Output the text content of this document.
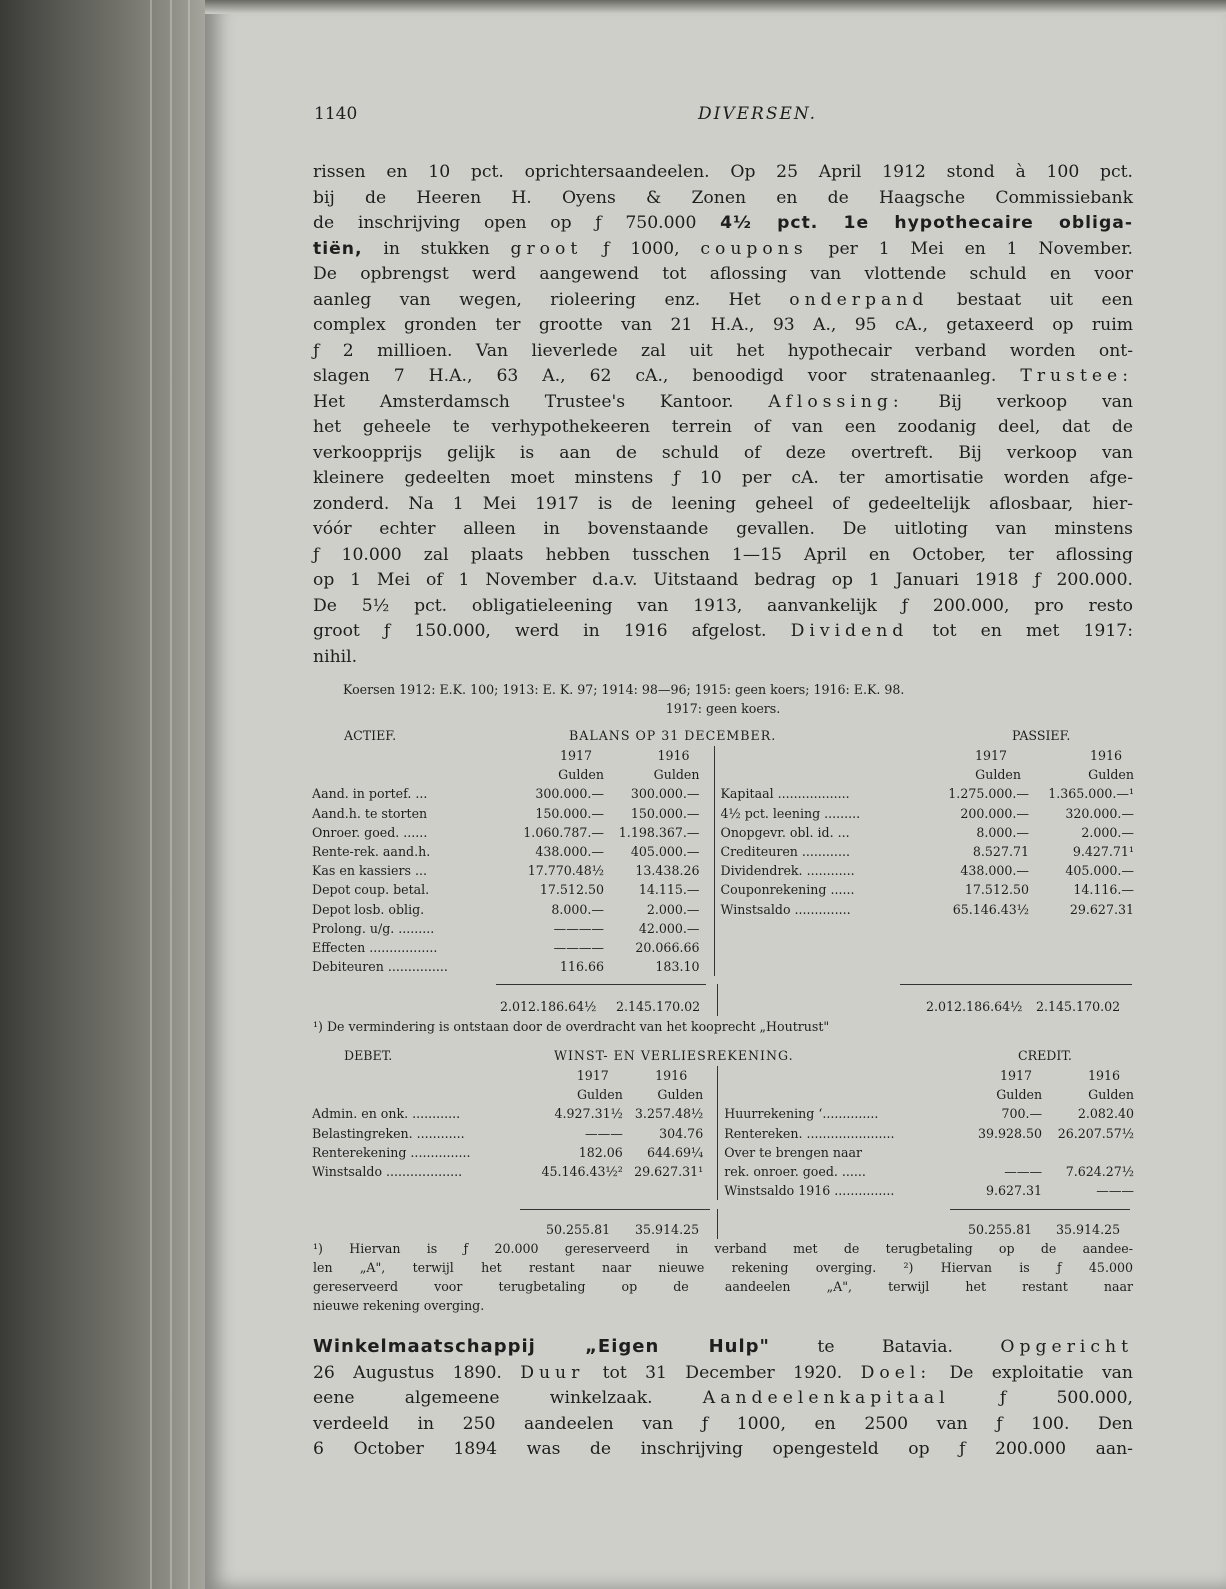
1140	DIVERSEN.

rissen en 10 pct. oprichtersaandeelen. Op 25 April 1912 stond à 100 pct.

bij de Heeren H. Oyens & Zonen en de Haagsche Commissiebank

de inschrijving open op ƒ 750.000 4½ pct. 1e hypothecaire obliga-

tiën, in stukken groot ƒ 1000, coupons per 1 Mei en 1 November.

De opbrengst werd aangewend tot aflossing van vlottende schuld en voor

aanleg van wegen, rioleering enz. Het onderpand bestaat uit een

complex gronden ter grootte van 21 H.A., 93 A., 95 cA., getaxeerd op ruim

ƒ 2 millioen. Van lieverlede zal uit het hypothecair verband worden ont-

slagen 7 H.A., 63 A., 62 cA., benoodigd voor stratenaanleg. Trustee:

Het Amsterdamsch Trustee's Kantoor. Aflossing: Bij verkoop van

het geheele te verhypothekeeren terrein of van een zoodanig deel, dat de

verkoopprijs gelijk is aan de schuld of deze overtreft. Bij verkoop van

kleinere gedeelten moet minstens ƒ 10 per cA. ter amortisatie worden afge-

zonderd. Na 1 Mei 1917 is de leening geheel of gedeeltelijk aflosbaar, hier-

vóór echter alleen in bovenstaande gevallen. De uitloting van minstens

ƒ 10.000 zal plaats hebben tusschen 1—15 April en October, ter aflossing

op 1 Mei of 1 November d.a.v. Uitstaand bedrag op 1 Januari 1918 ƒ 200.000.

De 5½ pct. obligatieleening van 1913, aanvankelijk ƒ 200.000, pro resto

groot ƒ 150.000, werd in 1916 afgelost. Dividend tot en met 1917:

nihil.

Koersen 1912: E.K. 100; 1913: E. K. 97; 1914: 98—96; 1915: geen koers; 1916: E.K. 98.
1917: geen koers.
ACTIEF.	BALANS OP 31 DECEMBER.	PASSIEF.
	1917	1916		1917	1916
	Gulden	Gulden		Gulden	Gulden
Aand. in portef. ...	300.000.—	300.000.—	Kapitaal ..................	1.275.000.—	1.365.000.—¹
Aand.h. te storten	150.000.—	150.000.—	4½ pct. leening .........	200.000.—	320.000.—
Onroer. goed. ......	1.060.787.—	1.198.367.—	Onopgevr. obl. id. ...	8.000.—	2.000.—
Rente-rek. aand.h.	438.000.—	405.000.—	Crediteuren ............	8.527.71	9.427.71¹
Kas en kassiers ...	17.770.48½	13.438.26	Dividendrek. ............	438.000.—	405.000.—
Depot coup. betal.	17.512.50	14.115.—	Couponrekening ......	17.512.50	14.116.—
Depot losb. oblig.	8.000.—	2.000.—	Winstsaldo ..............	65.146.43½	29.627.31
Prolong. u/g. .........	————	42.000.—			
Effecten .................	————	20.066.66			
Debiteuren ...............	116.66	183.10			
2.012.186.64½ 2.145.170.02	2.012.186.64½ 2.145.170.02

¹) De vermindering is ontstaan door de overdracht van het kooprecht „Houtrust"

DEBET.	WINST- EN VERLIESREKENING.	CREDIT.
	1917	1916		1917	1916
	Gulden	Gulden		Gulden	Gulden
Admin. en onk. ............	4.927.31½	3.257.48½	Huurrekening ‘..............	700.—	2.082.40
Belastingreken. ............	———	304.76	Rentereken. ......................	39.928.50	26.207.57½
Renterekening ...............	182.06	644.69¼	Over te brengen naar		
Winstsaldo ...................	45.146.43½²	29.627.31¹	rek. onroer. goed. ......	———	7.624.27½
			Winstsaldo 1916 ...............	9.627.31	———
50.255.81 35.914.25	50.255.81 35.914.25

¹) Hiervan is ƒ 20.000 gereserveerd in verband met de terugbetaling op de aandee-

len „A", terwijl het restant naar nieuwe rekening overging. ²) Hiervan is ƒ 45.000

gereserveerd voor terugbetaling op de aandeelen „A", terwijl het restant naar

nieuwe rekening overging.

Winkelmaatschappij „Eigen Hulp" te Batavia. Opgericht

26 Augustus 1890. Duur tot 31 December 1920. Doel: De exploitatie van

eene algemeene winkelzaak. Aandeelenkapitaal ƒ 500.000,

verdeeld in 250 aandeelen van ƒ 1000, en 2500 van ƒ 100. Den

6 October 1894 was de inschrijving opengesteld op ƒ 200.000 aan-
